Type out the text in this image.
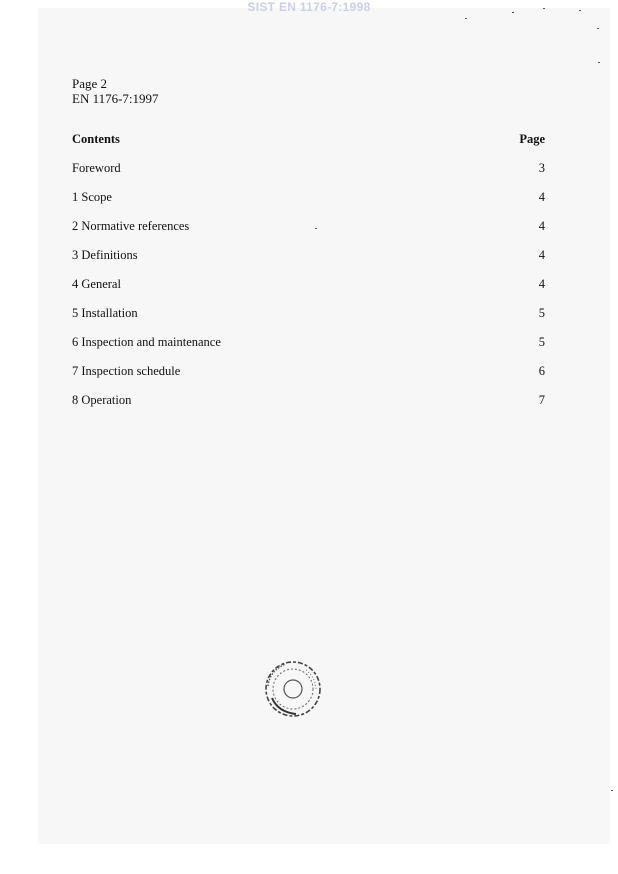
SIST EN 1176-7:1998
Page 2
EN 1176-7:1997
Contents	Page
Foreword	3
1 Scope	4
2 Normative references	4
3 Definitions	4
4 General	4
5 Installation	5
6 Inspection and maintenance	5
7 Inspection schedule	6
8 Operation	7
